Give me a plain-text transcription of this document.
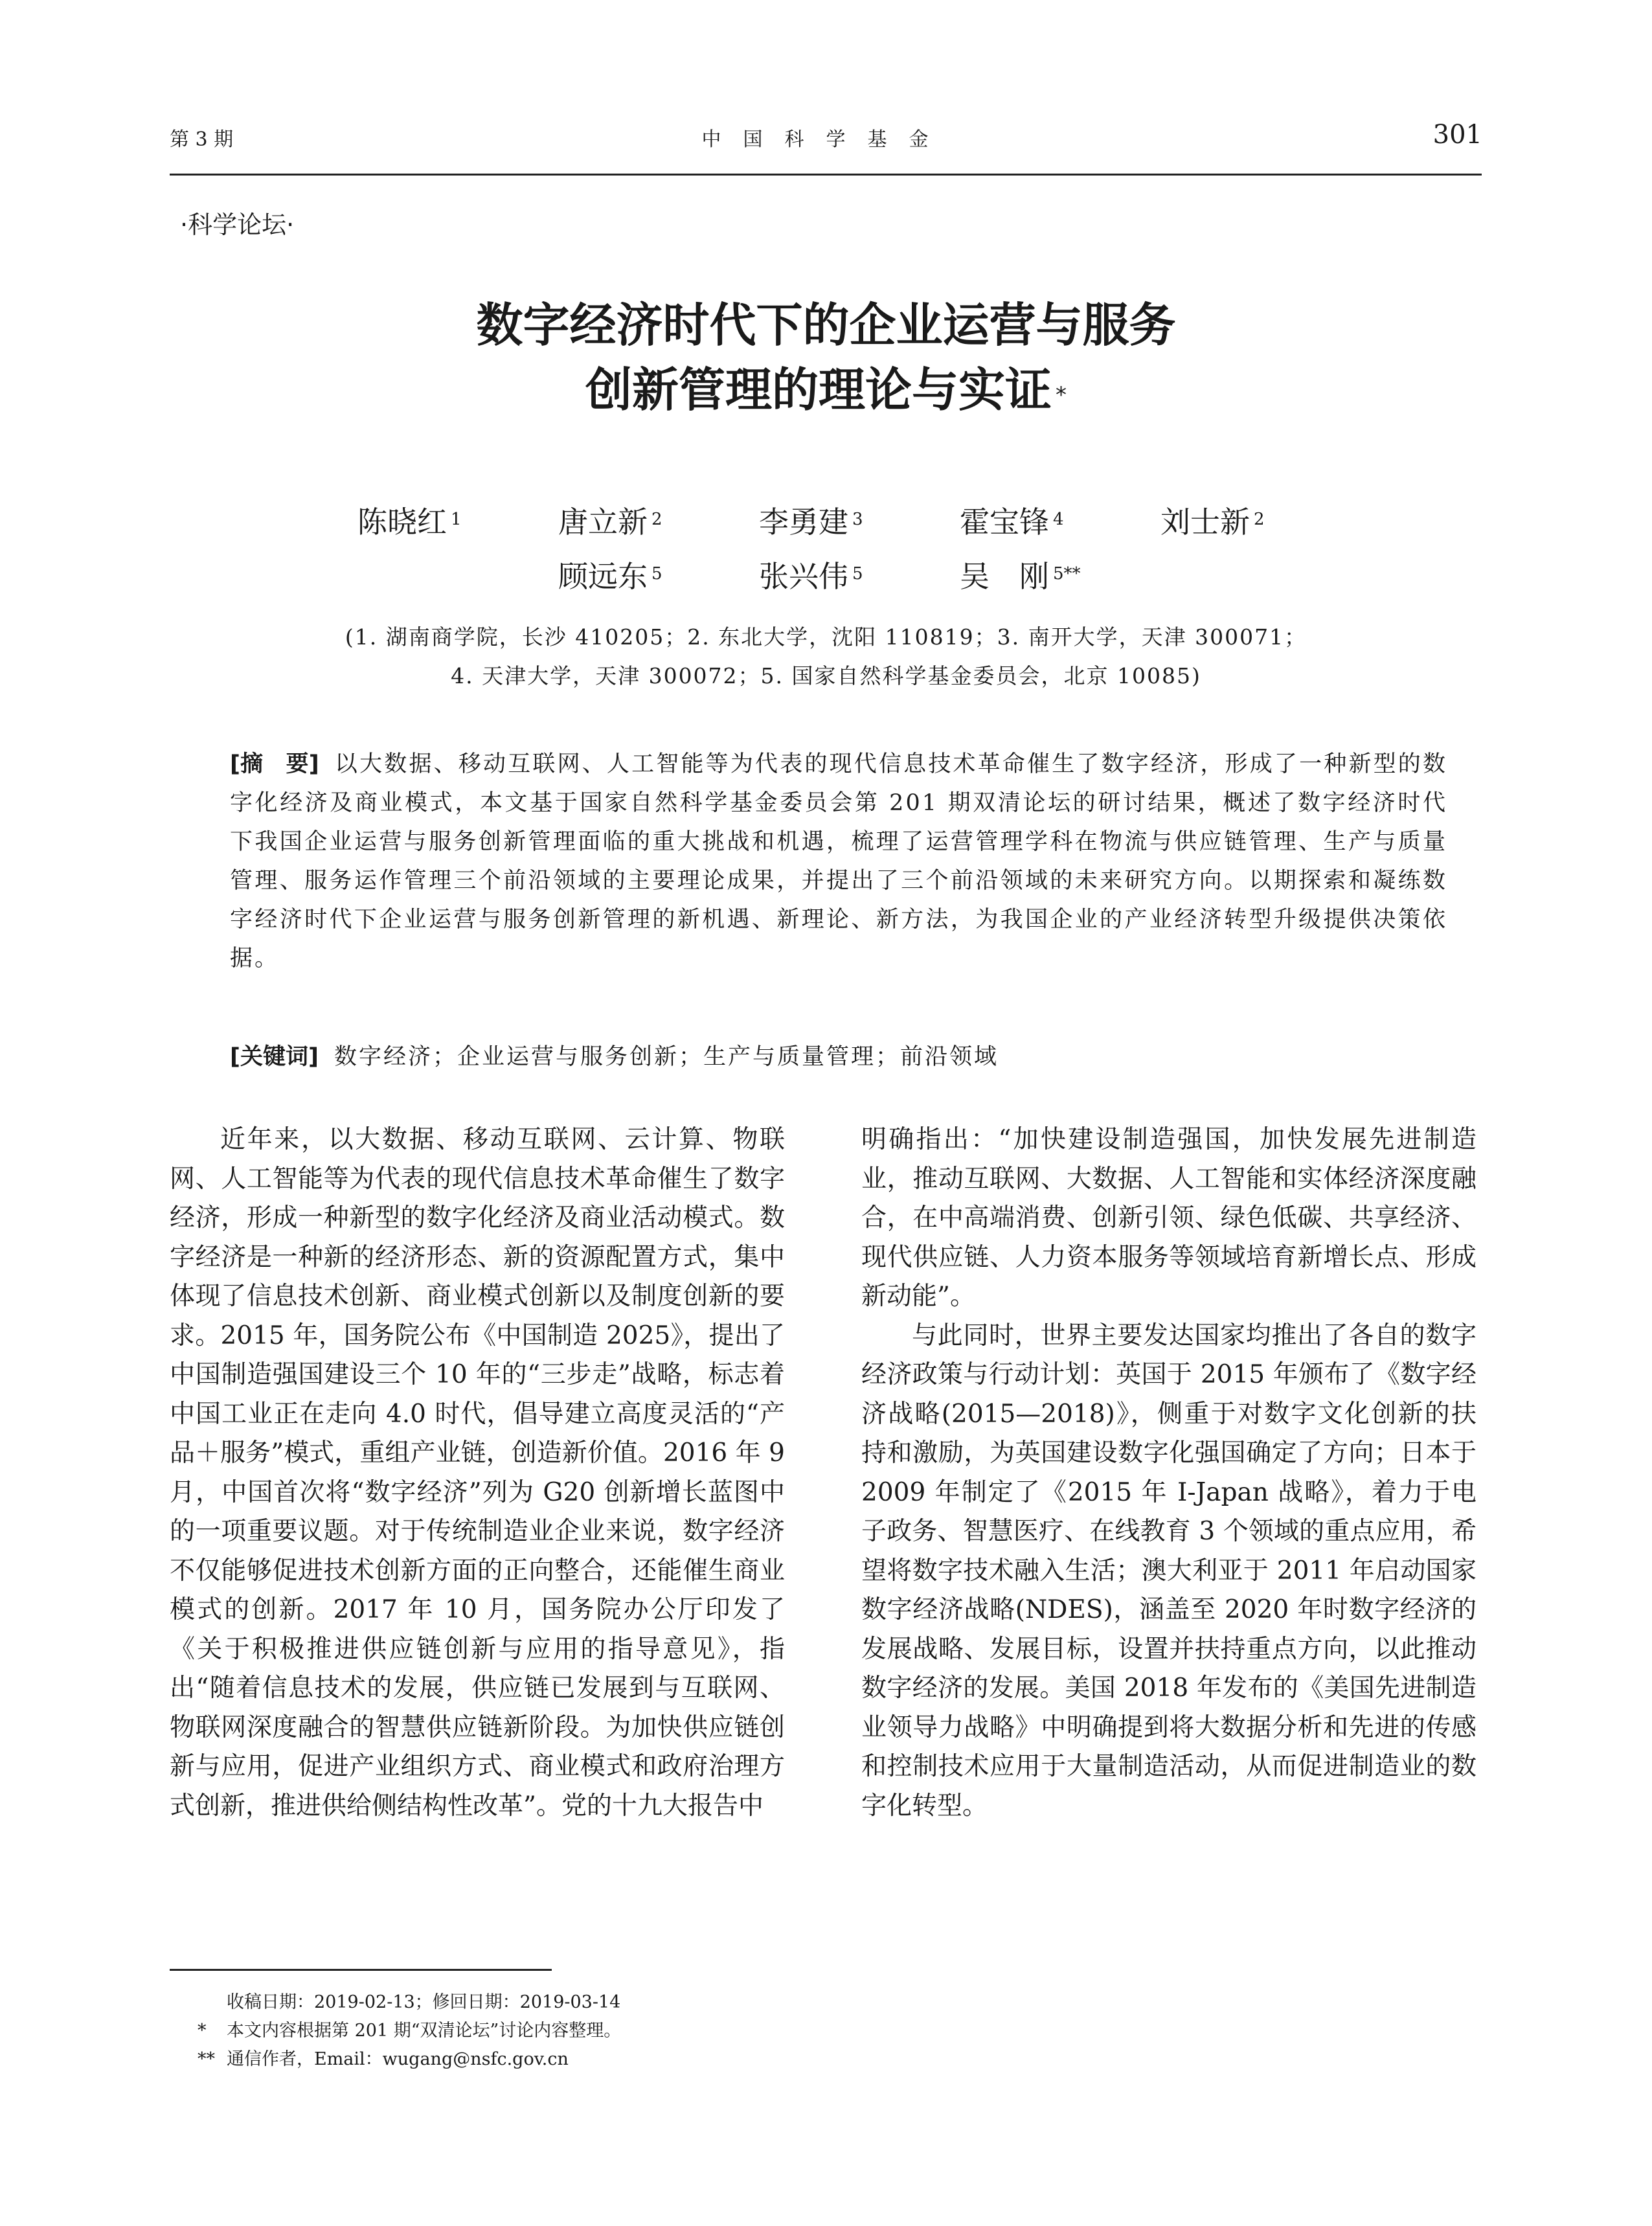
第 3 期	中国科学基金	301
·科学论坛·
数字经济时代下的企业运营与服务
创新管理的理论与实证 *
陈晓红 $^1$	唐立新 $^2$	李勇建 $^3$	霍宝锋 $^4$	刘士新 $^2$
顾远东 $^5$	张兴伟 $^5$	吴　刚 $^{5**}$
(1. 湖南商学院，长沙 410205；2. 东北大学，沈阳 110819；3. 南开大学，天津 300071；
4. 天津大学，天津 300072；5. 国家自然科学基金委员会，北京 10085)
[摘　要] 以大数据、移动互联网、人工智能等为代表的现代信息技术革命催生了数字经济，形成了一种新型的数字化经济及商业模式，本文基于国家自然科学基金委员会第 201 期双清论坛的研讨结果，概述了数字经济时代下我国企业运营与服务创新管理面临的重大挑战和机遇，梳理了运营管理学科在物流与供应链管理、生产与质量管理、服务运作管理三个前沿领域的主要理论成果，并提出了三个前沿领域的未来研究方向。以期探索和凝练数字经济时代下企业运营与服务创新管理的新机遇、新理论、新方法，为我国企业的产业经济转型升级提供决策依据。
[关键词] 数字经济；企业运营与服务创新；生产与质量管理；前沿领域

近年来，以大数据、移动互联网、云计算、物联网、人工智能等为代表的现代信息技术革命催生了数字经济，形成一种新型的数字化经济及商业活动模式。数字经济是一种新的经济形态、新的资源配置方式，集中体现了信息技术创新、商业模式创新以及制度创新的要求。2015 年，国务院公布《中国制造 2025》，提出了中国制造强国建设三个 10 年的“三步走”战略，标志着中国工业正在走向 4.0 时代，倡导建立高度灵活的“产品＋服务”模式，重组产业链，创造新价值。2016 年 9 月，中国首次将“数字经济”列为 G20 创新增长蓝图中的一项重要议题。对于传统制造业企业来说，数字经济不仅能够促进技术创新方面的正向整合，还能催生商业模式的创新。2017 年 10 月，国务院办公厅印发了《关于积极推进供应链创新与应用的指导意见》，指出“随着信息技术的发展，供应链已发展到与互联网、物联网深度融合的智慧供应链新阶段。为加快供应链创新与应用，促进产业组织方式、商业模式和政府治理方式创新，推进供给侧结构性改革”。党的十九大报告中

明确指出：“加快建设制造强国，加快发展先进制造业，推动互联网、大数据、人工智能和实体经济深度融合，在中高端消费、创新引领、绿色低碳、共享经济、现代供应链、人力资本服务等领域培育新增长点、形成新动能”。

与此同时，世界主要发达国家均推出了各自的数字经济政策与行动计划：英国于 2015 年颁布了《数字经济战略(2015—2018)》，侧重于对数字文化创新的扶持和激励，为英国建设数字化强国确定了方向；日本于 2009 年制定了《2015 年 I-Japan 战略》，着力于电子政务、智慧医疗、在线教育 3 个领域的重点应用，希望将数字技术融入生活；澳大利亚于 2011 年启动国家数字经济战略(NDES)，涵盖至 2020 年时数字经济的发展战略、发展目标，设置并扶持重点方向，以此推动数字经济的发展。美国 2018 年发布的《美国先进制造业领导力战略》中明确提到将大数据分析和先进的传感和控制技术应用于大量制造活动，从而促进制造业的数字化转型。

收稿日期：2019-02-13；修回日期：2019-03-14
* 本文内容根据第 201 期“双清论坛”讨论内容整理。
** 通信作者，Email：wugang@nsfc.gov.cn
